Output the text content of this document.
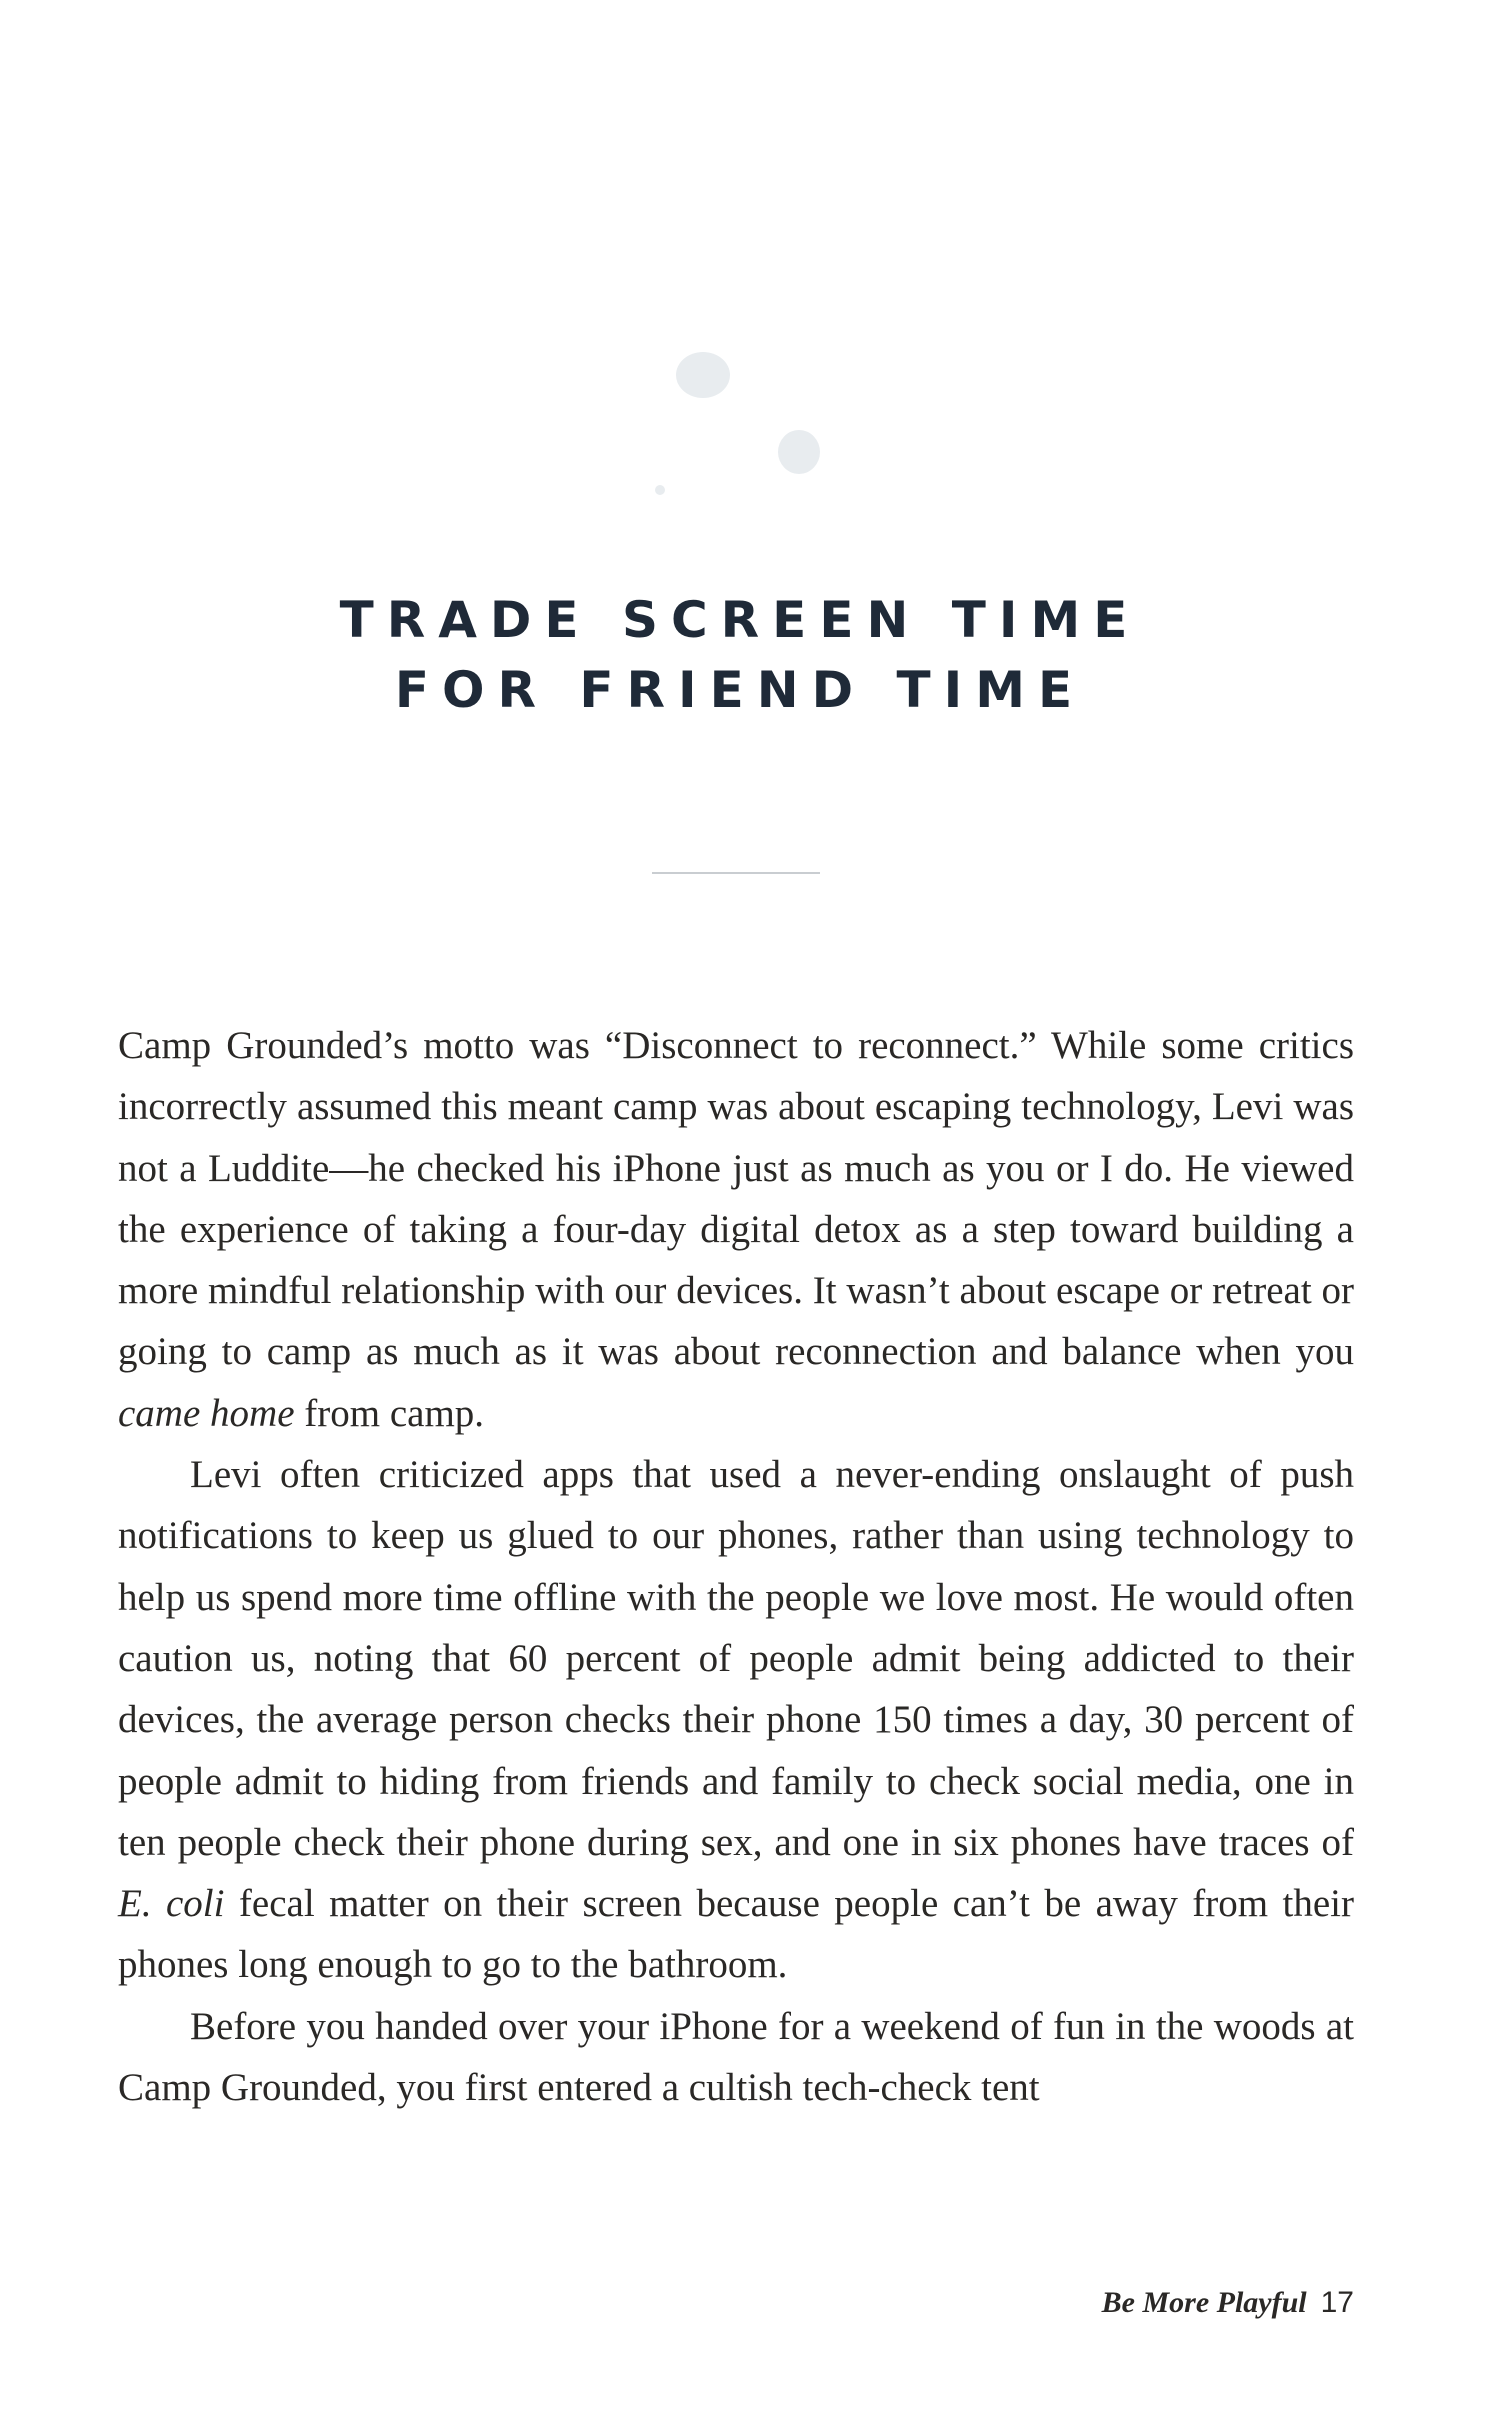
TRADE SCREEN TIME
FOR FRIEND TIME

Camp Grounded’s motto was “Disconnect to reconnect.” While some critics incorrectly assumed this meant camp was about escaping technology, Levi was not a Luddite—he checked his iPhone just as much as you or I do. He viewed the experience of taking a four-day digital detox as a step toward building a more mindful relationship with our devices. It wasn’t about escape or retreat or going to camp as much as it was about reconnection and balance when you came home from camp.

Levi often criticized apps that used a never-ending onslaught of push notifications to keep us glued to our phones, rather than using technology to help us spend more time offline with the people we love most. He would often caution us, noting that 60 percent of people admit being addicted to their devices, the average person checks their phone 150 times a day, 30 percent of people admit to hiding from friends and family to check social media, one in ten people check their phone during sex, and one in six phones have traces of E. coli fecal matter on their screen because people can’t be away from their phones long enough to go to the bathroom.

Before you handed over your iPhone for a weekend of fun in the woods at Camp Grounded, you first entered a cultish tech-check tent

Be More Playful 17
